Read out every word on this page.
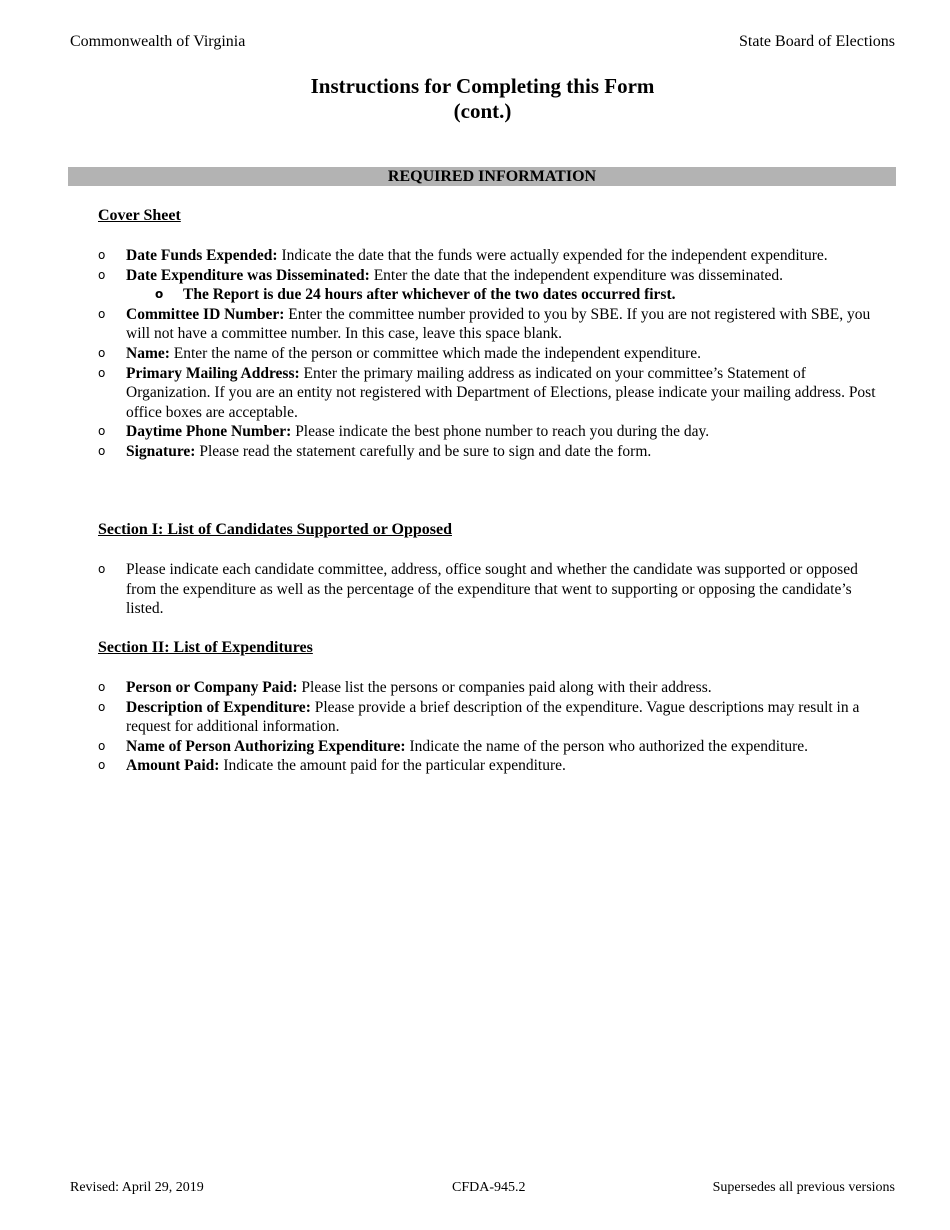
Commonwealth of Virginia	State Board of Elections
Instructions for Completing this Form
(cont.)
REQUIRED INFORMATION
Cover Sheet
o Date Funds Expended: Indicate the date that the funds were actually expended for the independent expenditure.
o Date Expenditure was Disseminated: Enter the date that the independent expenditure was disseminated.
o The Report is due 24 hours after whichever of the two dates occurred first.
o Committee ID Number: Enter the committee number provided to you by SBE. If you are not registered with SBE, you will not have a committee number. In this case, leave this space blank.
o Name: Enter the name of the person or committee which made the independent expenditure.
o Primary Mailing Address: Enter the primary mailing address as indicated on your committee’s Statement of Organization. If you are an entity not registered with Department of Elections, please indicate your mailing address. Post office boxes are acceptable.
o Daytime Phone Number: Please indicate the best phone number to reach you during the day.
o Signature: Please read the statement carefully and be sure to sign and date the form.
Section I: List of Candidates Supported or Opposed
o Please indicate each candidate committee, address, office sought and whether the candidate was supported or opposed from the expenditure as well as the percentage of the expenditure that went to supporting or opposing the candidate’s listed.
Section II: List of Expenditures
o Person or Company Paid: Please list the persons or companies paid along with their address.
o Description of Expenditure: Please provide a brief description of the expenditure. Vague descriptions may result in a request for additional information.
o Name of Person Authorizing Expenditure: Indicate the name of the person who authorized the expenditure.
o Amount Paid: Indicate the amount paid for the particular expenditure.
Revised: April 29, 2019	CFDA-945.2	Supersedes all previous versions
